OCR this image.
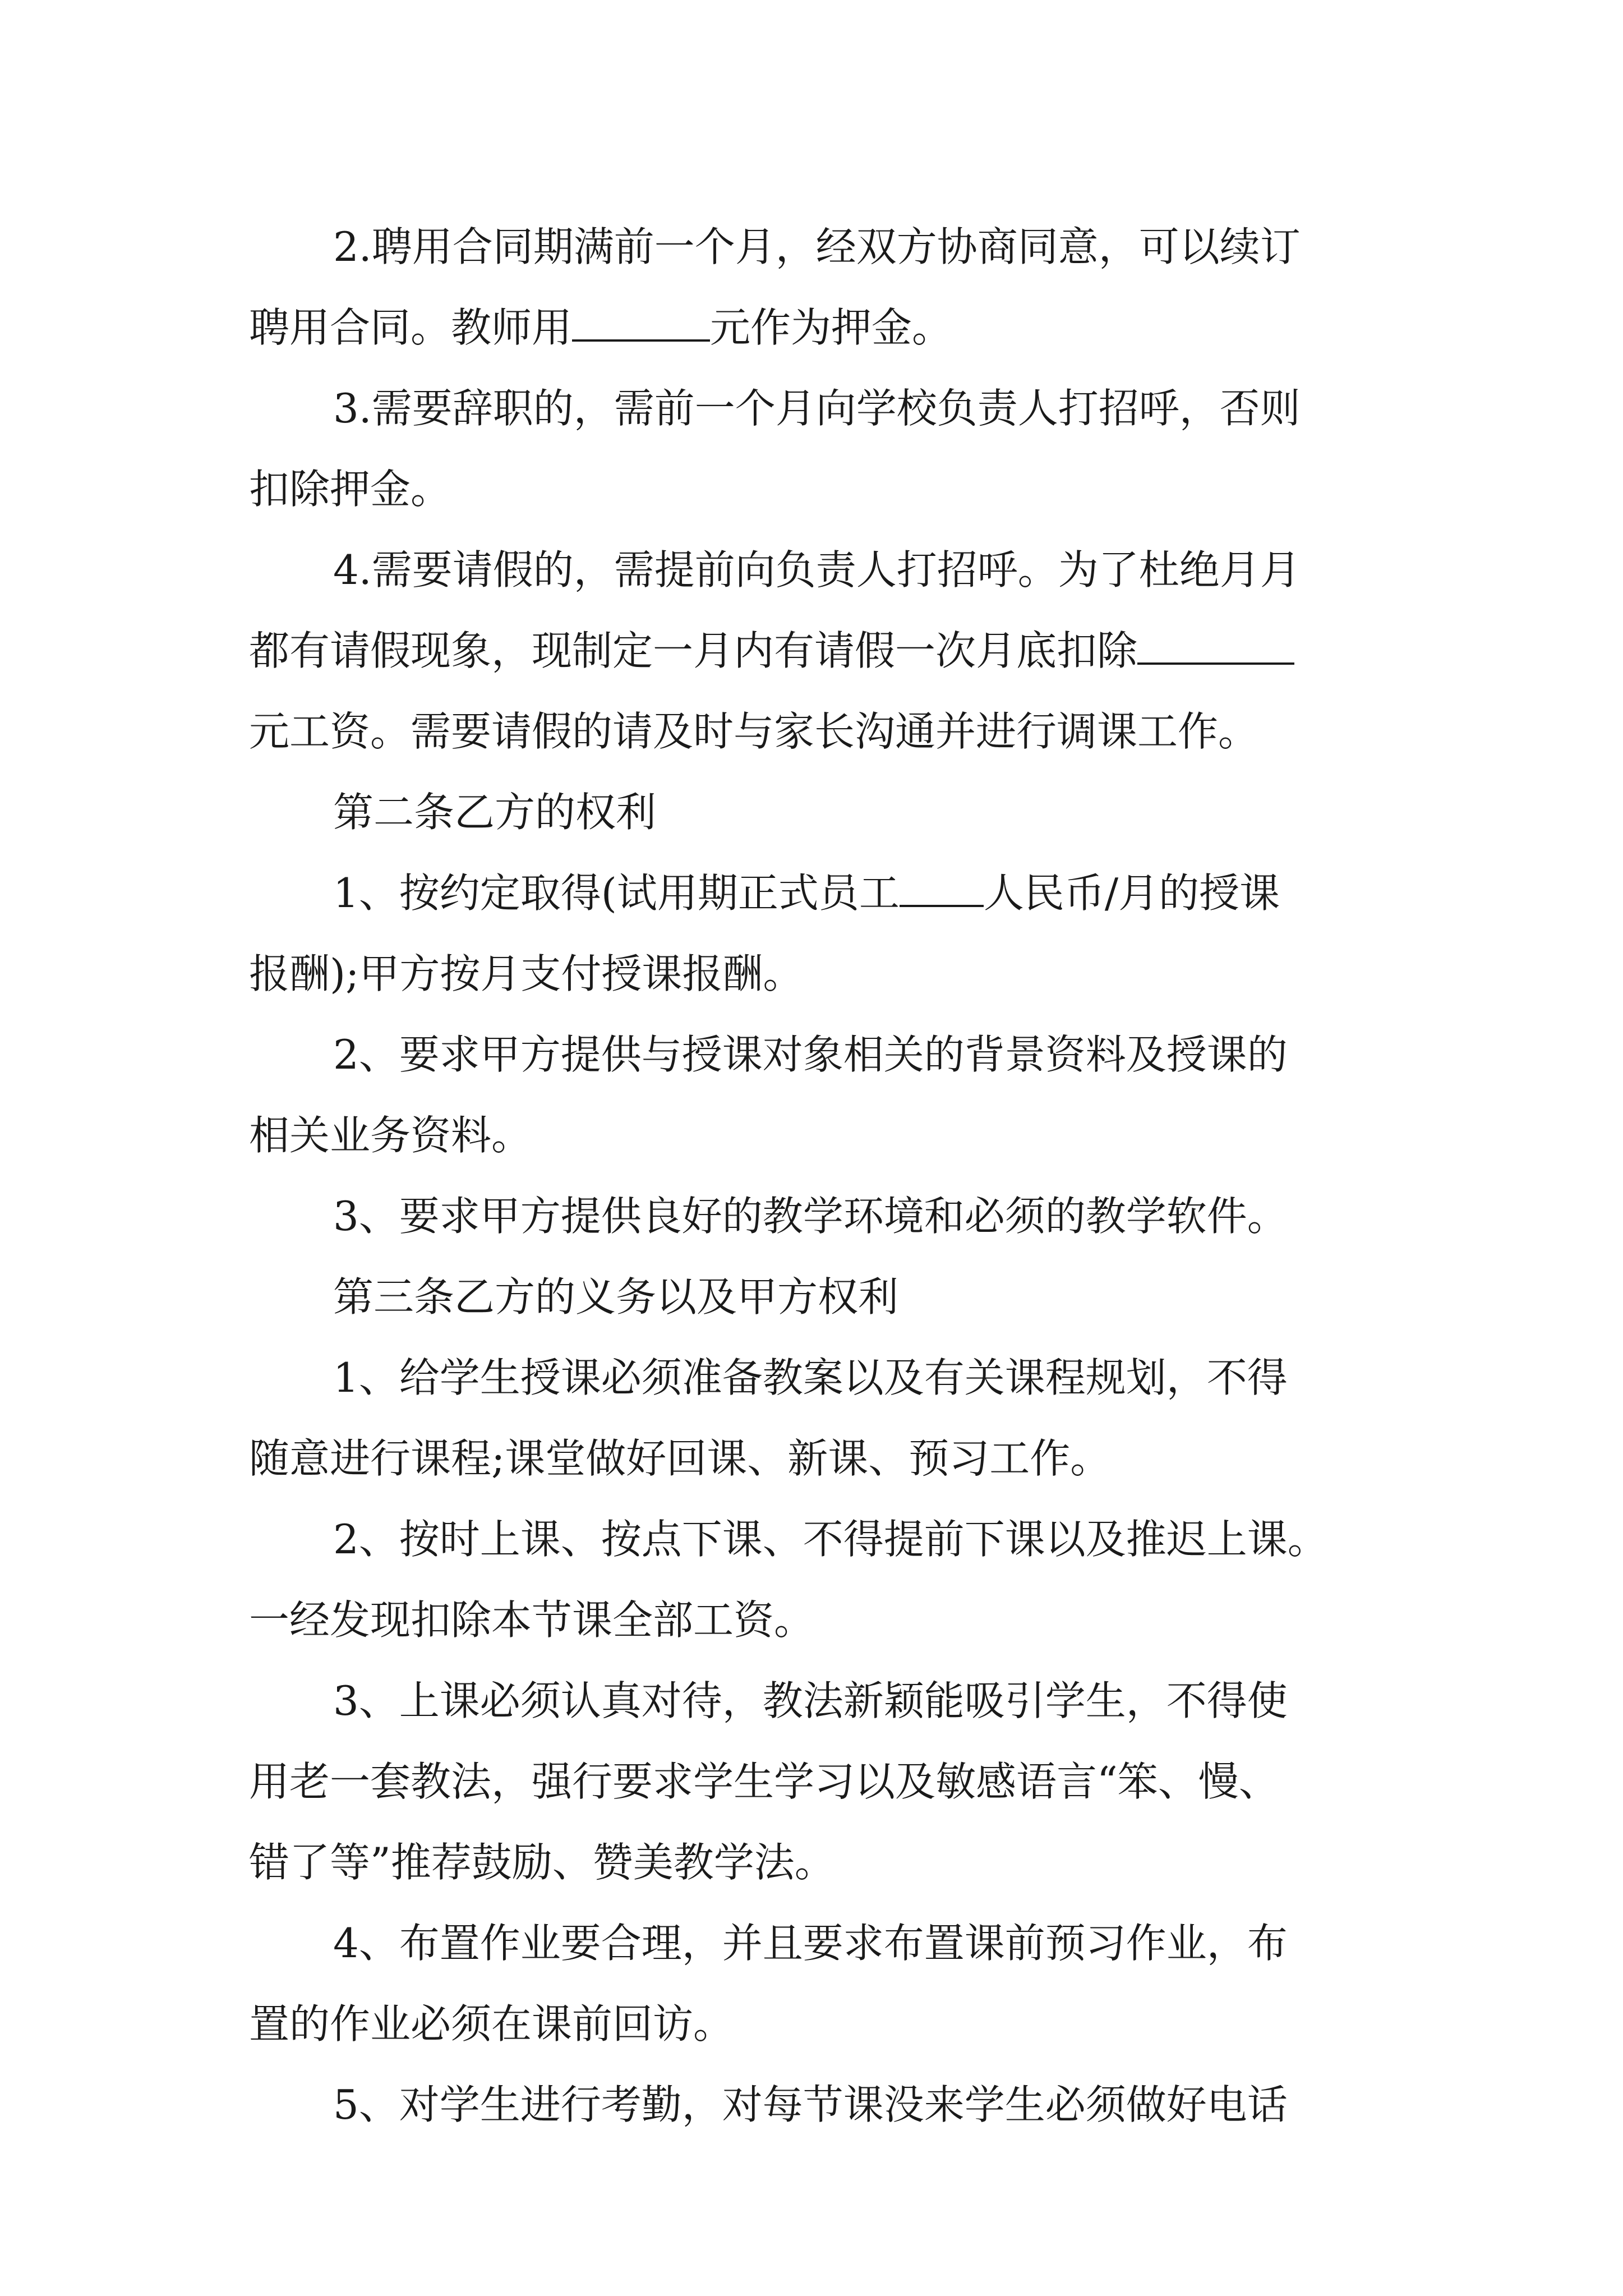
2.聘用合同期满前一个月，经双方协商同意，可以续订
聘用合同。教师用	元作为押金。
3.需要辞职的，需前一个月向学校负责人打招呼，否则
扣除押金。
4.需要请假的，需提前向负责人打招呼。为了杜绝月月
都有请假现象，现制定一月内有请假一次月底扣除
元工资。需要请假的请及时与家长沟通并进行调课工作。
第二条乙方的权利
1、按约定取得(试用期正式员工 人民币/月的授课
报酬);甲方按月支付授课报酬。
2、要求甲方提供与授课对象相关的背景资料及授课的
相关业务资料。
3、要求甲方提供良好的教学环境和必须的教学软件。
第三条乙方的义务以及甲方权利
1、给学生授课必须准备教案以及有关课程规划，不得
随意进行课程;课堂做好回课、新课、预习工作。
2、按时上课、按点下课、不得提前下课以及推迟上课。
一经发现扣除本节课全部工资。
3、上课必须认真对待，教法新颖能吸引学生，不得使
用老一套教法，强行要求学生学习以及敏感语言“笨、慢、
错了等”推荐鼓励、赞美教学法。
4、布置作业要合理，并且要求布置课前预习作业，布
置的作业必须在课前回访。
5、对学生进行考勤，对每节课没来学生必须做好电话
